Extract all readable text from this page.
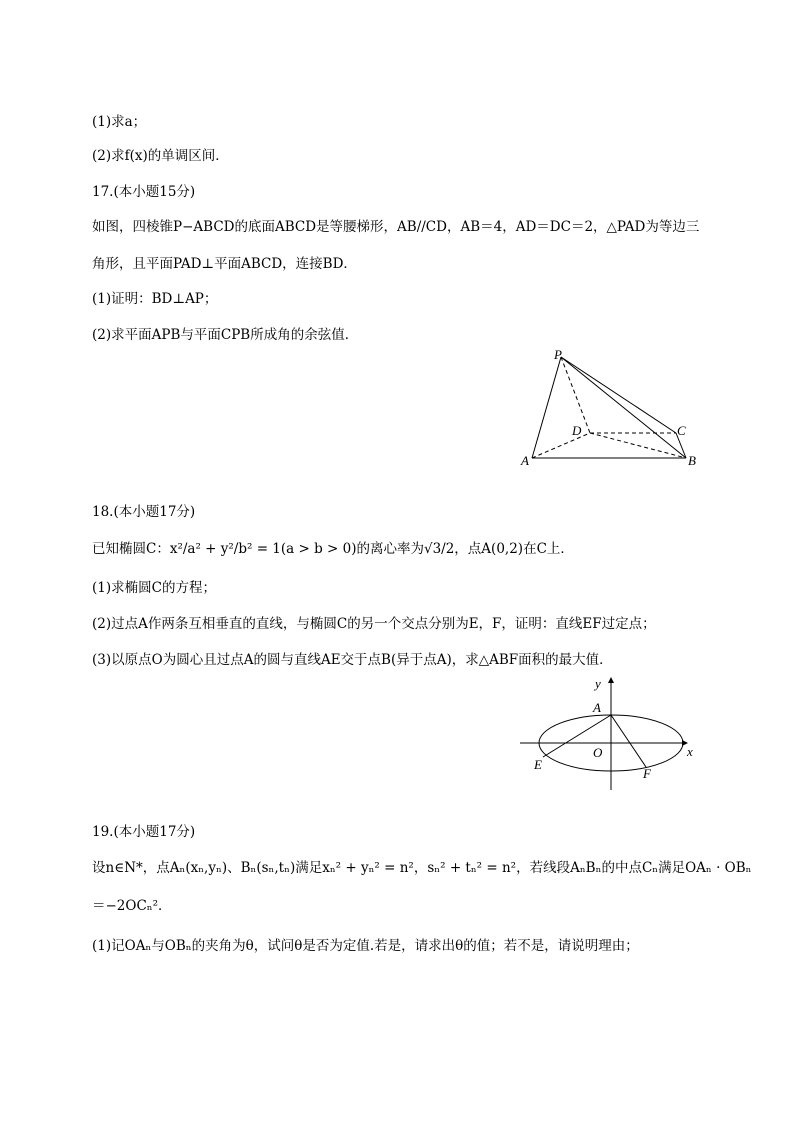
(1)求a；
(2)求f(x)的单调区间．
17.(本小题15分)
如图，四棱锥P−ABCD的底面ABCD是等腰梯形，AB//CD，AB＝4，AD＝DC＝2，△PAD为等边三
角形，且平面PAD⊥平面ABCD，连接BD．
(1)证明：BD⊥AP；
(2)求平面APB与平面CPB所成角的余弦值．
P
D	C
A	B
18.(本小题17分)
已知椭圆C：x²/a² + y²/b² = 1(a > b > 0)的离心率为√3/2，点A(0,2)在C上．
(1)求椭圆C的方程；
(2)过点A作两条互相垂直的直线，与椭圆C的另一个交点分别为E，F，证明：直线EF过定点；
(3)以原点O为圆心且过点A的圆与直线AE交于点B(异于点A)，求△ABF面积的最大值．
y
A
O	x
E
F
19.(本小题17分)
设n∈N*，点Aₙ(xₙ,yₙ)、Bₙ(sₙ,tₙ)满足xₙ² + yₙ² = n²，sₙ² + tₙ² = n²，若线段AₙBₙ的中点Cₙ满足OAₙ · OBₙ
＝−2OCₙ²．
(1)记OAₙ与OBₙ的夹角为θ，试问θ是否为定值.若是，请求出θ的值；若不是，请说明理由；
